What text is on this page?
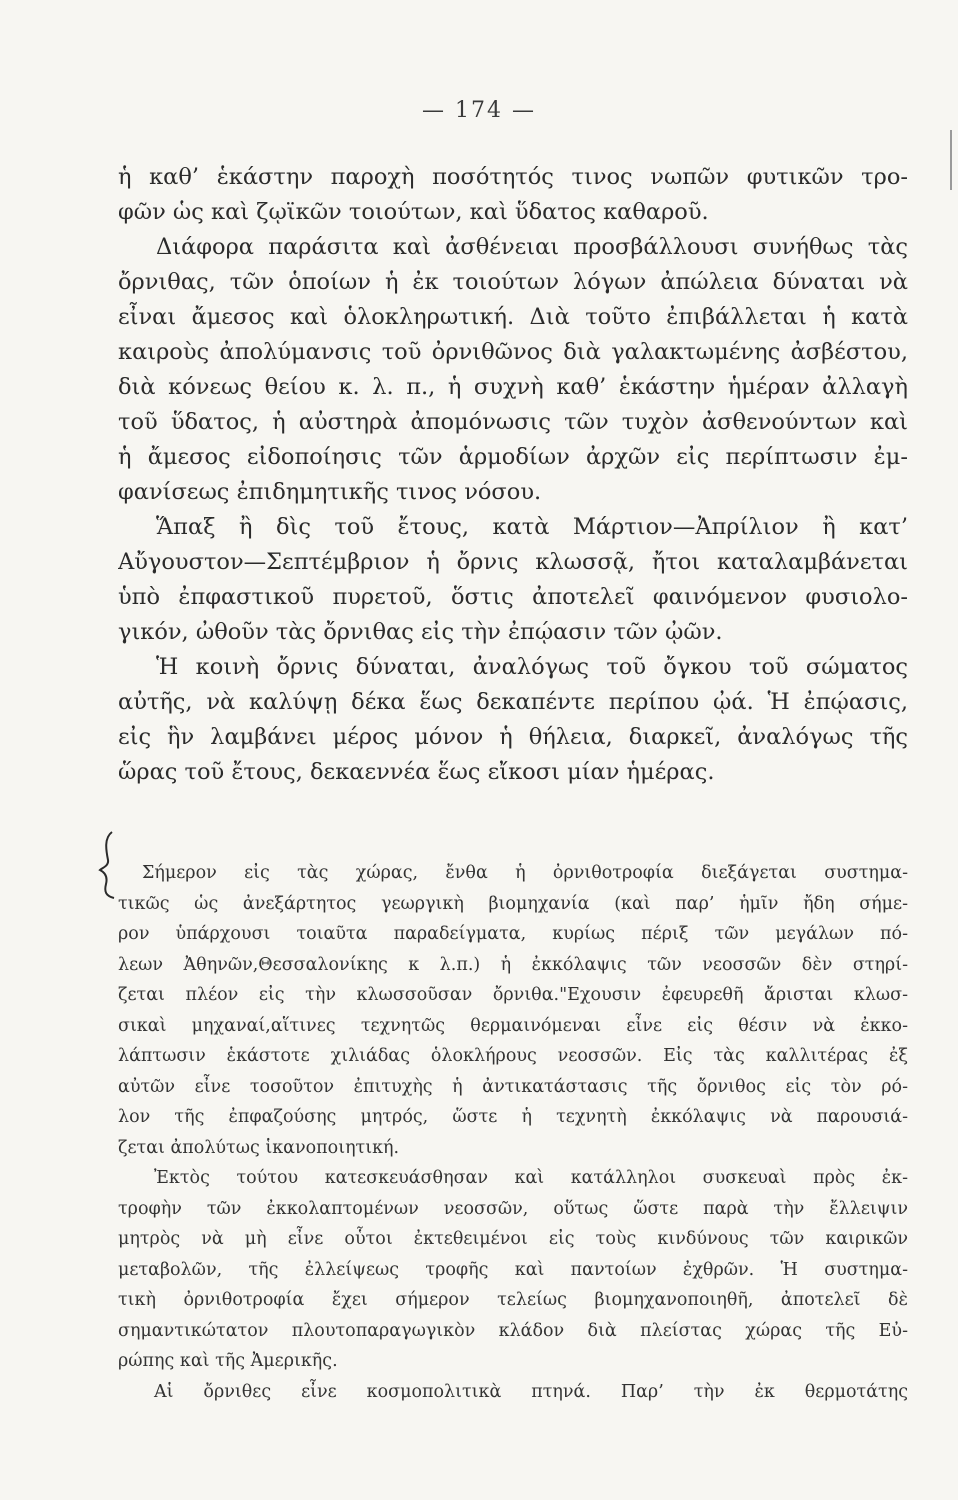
— 174 —
ἡ καθ’ ἑκάστην παροχὴ ποσότητός τινος νωπῶν φυτικῶν τρο-
φῶν ὡς καὶ ζῳϊκῶν τοιούτων, καὶ ὕδατος καθαροῦ.
Διάφορα παράσιτα καὶ ἀσθένειαι προσβάλλουσι συνήθως τὰς
ὄρνιθας, τῶν ὁποίων ἡ ἐκ τοιούτων λόγων ἀπώλεια δύναται νὰ
εἶναι ἄμεσος καὶ ὁλοκληρωτική. Διὰ τοῦτο ἐπιβάλλεται ἡ κατὰ
καιροὺς ἀπολύμανσις τοῦ ὀρνιθῶνος διὰ γαλακτωμένης ἀσβέστου,
διὰ κόνεως θείου κ. λ. π., ἡ συχνὴ καθ’ ἑκάστην ἡμέραν ἀλλαγὴ
τοῦ ὕδατος, ἡ αὐστηρὰ ἀπομόνωσις τῶν τυχὸν ἀσθενούντων καὶ
ἡ ἄμεσος εἰδοποίησις τῶν ἁρμοδίων ἀρχῶν εἰς περίπτωσιν ἐμ-
φανίσεως ἐπιδημητικῆς τινος νόσου.
Ἅπαξ ἢ δὶς τοῦ ἔτους, κατὰ Μάρτιον—Ἀπρίλιον ἢ κατ’
Αὔγουστον—Σεπτέμβριον ἡ ὄρνις κλωσσᾷ, ἤτοι καταλαμβάνεται
ὑπὸ ἐπφαστικοῦ πυρετοῦ, ὅστις ἀποτελεῖ φαινόμενον φυσιολο-
γικόν, ὠθοῦν τὰς ὄρνιθας εἰς τὴν ἐπῴασιν τῶν ᾠῶν.
Ἡ κοινὴ ὄρνις δύναται, ἀναλόγως τοῦ ὄγκου τοῦ σώματος
αὐτῆς, νὰ καλύψῃ δέκα ἕως δεκαπέντε περίπου ᾠά. Ἡ ἐπῴασις,
εἰς ἣν λαμβάνει μέρος μόνον ἡ θήλεια, διαρκεῖ, ἀναλόγως τῆς
ὥρας τοῦ ἔτους, δεκαεννέα ἕως εἴκοσι μίαν ἡμέρας.
Σήμερον εἰς τὰς χώρας, ἔνθα ἡ ὀρνιθοτροφία διεξάγεται συστημα-
τικῶς ὡς ἀνεξάρτητος γεωργικὴ βιομηχανία (καὶ παρ’ ἡμῖν ἤδη σήμε-
ρον ὑπάρχουσι τοιαῦτα παραδείγματα, κυρίως πέριξ τῶν μεγάλων πό-
λεων Ἀθηνῶν,Θεσσαλονίκης κ λ.π.) ἡ ἐκκόλαψις τῶν νεοσσῶν δὲν στηρί-
ζεται πλέον εἰς τὴν κλωσσοῦσαν ὄρνιθα."Εχουσιν ἐφευρεθῆ ἄρισται κλωσ-
σικαὶ μηχαναί,αἵτινες τεχνητῶς θερμαινόμεναι εἶνε εἰς θέσιν νὰ ἐκκο-
λάπτωσιν ἑκάστοτε χιλιάδας ὁλοκλήρους νεοσσῶν. Εἰς τὰς καλλιτέρας ἐξ
αὐτῶν εἶνε τοσοῦτον ἐπιτυχὴς ἡ ἀντικατάστασις τῆς ὄρνιθος εἰς τὸν ρό-
λον τῆς ἐπφαζούσης μητρός, ὥστε ἡ τεχνητὴ ἐκκόλαψις νὰ παρουσιά-
ζεται ἀπολύτως ἱκανοποιητική.
Ἐκτὸς τούτου κατεσκευάσθησαν καὶ κατάλληλοι συσκευαὶ πρὸς ἐκ-
τροφὴν τῶν ἐκκολαπτομένων νεοσσῶν, οὕτως ὥστε παρὰ τὴν ἔλλειψιν
μητρὸς νὰ μὴ εἶνε οὗτοι ἐκτεθειμένοι εἰς τοὺς κινδύνους τῶν καιρικῶν
μεταβολῶν, τῆς ἐλλείψεως τροφῆς καὶ παντοίων ἐχθρῶν. Ἡ συστημα-
τικὴ ὀρνιθοτροφία ἔχει σήμερον τελείως βιομηχανοποιηθῆ, ἀποτελεῖ δὲ
σημαντικώτατον πλουτοπαραγωγικὸν κλάδον διὰ πλείστας χώρας τῆς Εὐ-
ρώπης καὶ τῆς Ἀμερικῆς.
Αἱ ὄρνιθες εἶνε κοσμοπολιτικὰ πτηνά. Παρ’ τὴν ἐκ θερμοτάτης
